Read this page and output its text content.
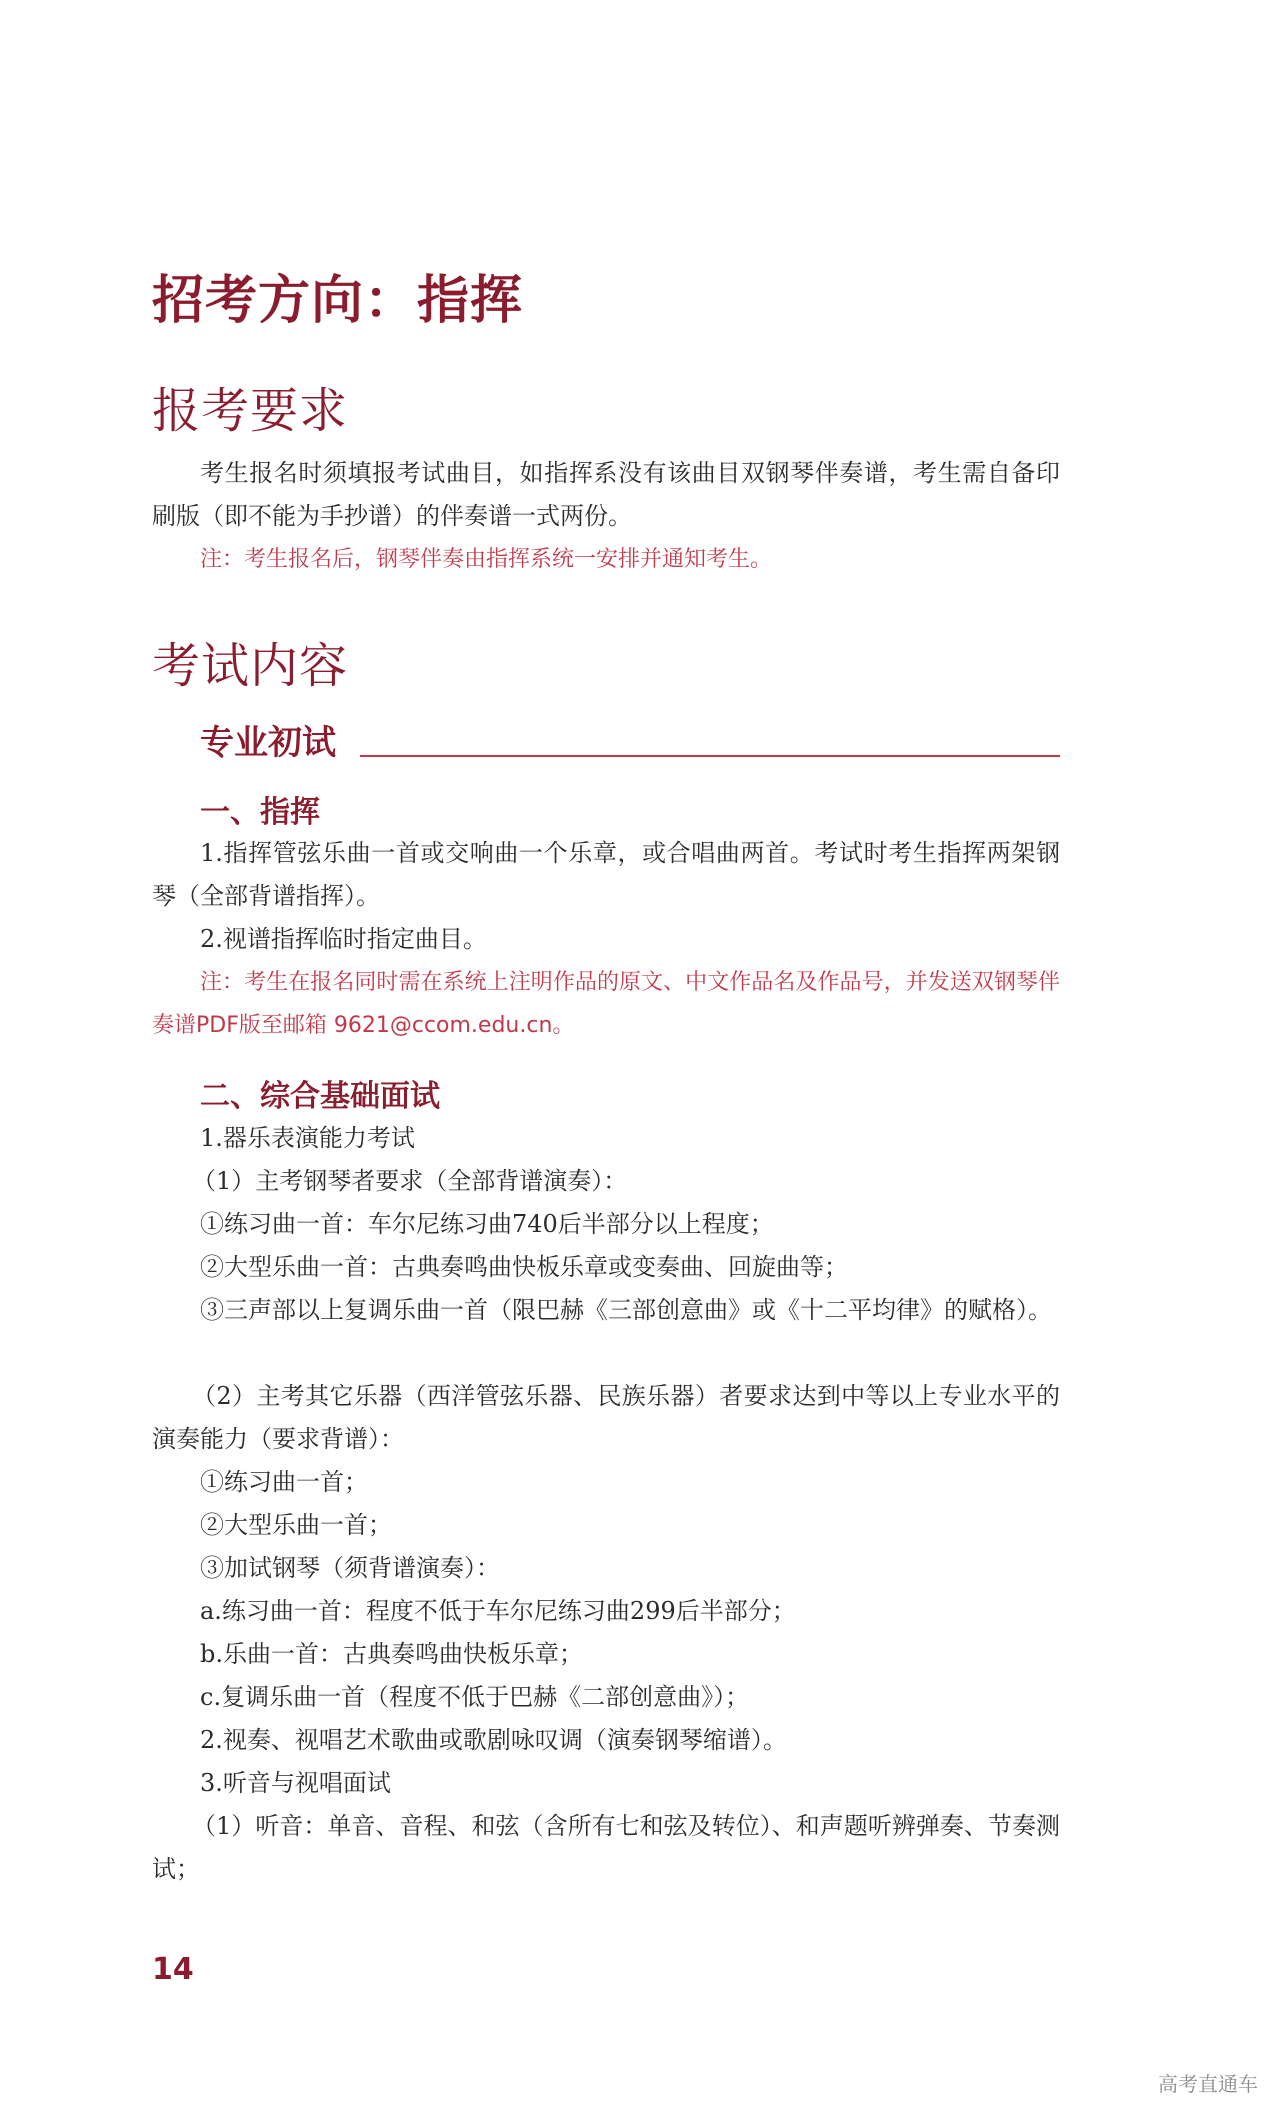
招考方向：指挥
报考要求
考生报名时须填报考试曲目，如指挥系没有该曲目双钢琴伴奏谱，考生需自备印刷版（即不能为手抄谱）的伴奏谱一式两份。
注：考生报名后，钢琴伴奏由指挥系统一安排并通知考生。
考试内容
专业初试
一、指挥
1.指挥管弦乐曲一首或交响曲一个乐章，或合唱曲两首。考试时考生指挥两架钢琴（全部背谱指挥）。
2.视谱指挥临时指定曲目。
注：考生在报名同时需在系统上注明作品的原文、中文作品名及作品号，并发送双钢琴伴奏谱PDF版至邮箱 9621@ccom.edu.cn。
二、综合基础面试
1.器乐表演能力考试
（1）主考钢琴者要求（全部背谱演奏）：
①练习曲一首：车尔尼练习曲740后半部分以上程度；
②大型乐曲一首：古典奏鸣曲快板乐章或变奏曲、回旋曲等；
③三声部以上复调乐曲一首（限巴赫《三部创意曲》或《十二平均律》的赋格）。
（2）主考其它乐器（西洋管弦乐器、民族乐器）者要求达到中等以上专业水平的演奏能力（要求背谱）：
①练习曲一首；
②大型乐曲一首；
③加试钢琴（须背谱演奏）：
a.练习曲一首：程度不低于车尔尼练习曲299后半部分；
b.乐曲一首：古典奏鸣曲快板乐章；
c.复调乐曲一首（程度不低于巴赫《二部创意曲》）；
2.视奏、视唱艺术歌曲或歌剧咏叹调（演奏钢琴缩谱）。
3.听音与视唱面试
（1）听音：单音、音程、和弦（含所有七和弦及转位）、和声题听辨弹奏、节奏测试；
14
高考直通车
